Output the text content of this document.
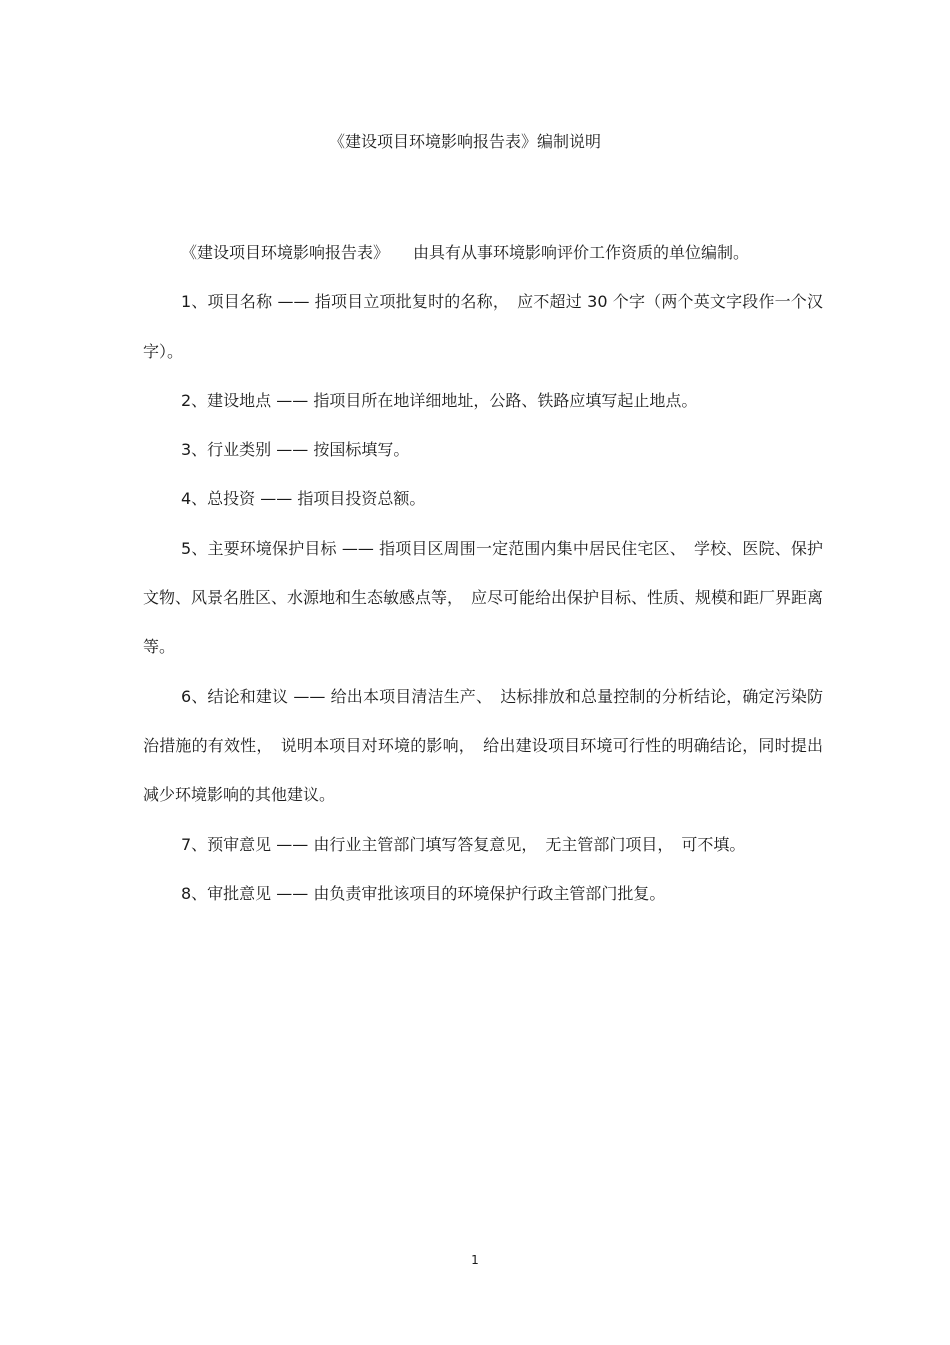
《建设项目环境影响报告表》编制说明

《建设项目环境影响报告表》　　由具有从事环境影响评价工作资质的单位编制。

1、项目名称 —— 指项目立项批复时的名称，　应不超过 30 个字（两个英文字段作一个汉字）。

2、建设地点 —— 指项目所在地详细地址，公路、铁路应填写起止地点。

3、行业类别 —— 按国标填写。

4、总投资 —— 指项目投资总额。

5、主要环境保护目标 —— 指项目区周围一定范围内集中居民住宅区、　学校、医院、保护文物、风景名胜区、水源地和生态敏感点等，　应尽可能给出保护目标、性质、规模和距厂界距离等。

6、结论和建议 —— 给出本项目清洁生产、　达标排放和总量控制的分析结论，确定污染防治措施的有效性，　说明本项目对环境的影响，　给出建设项目环境可行性的明确结论，同时提出减少环境影响的其他建议。

7、预审意见 —— 由行业主管部门填写答复意见，　无主管部门项目，　可不填。

8、审批意见 —— 由负责审批该项目的环境保护行政主管部门批复。

1
